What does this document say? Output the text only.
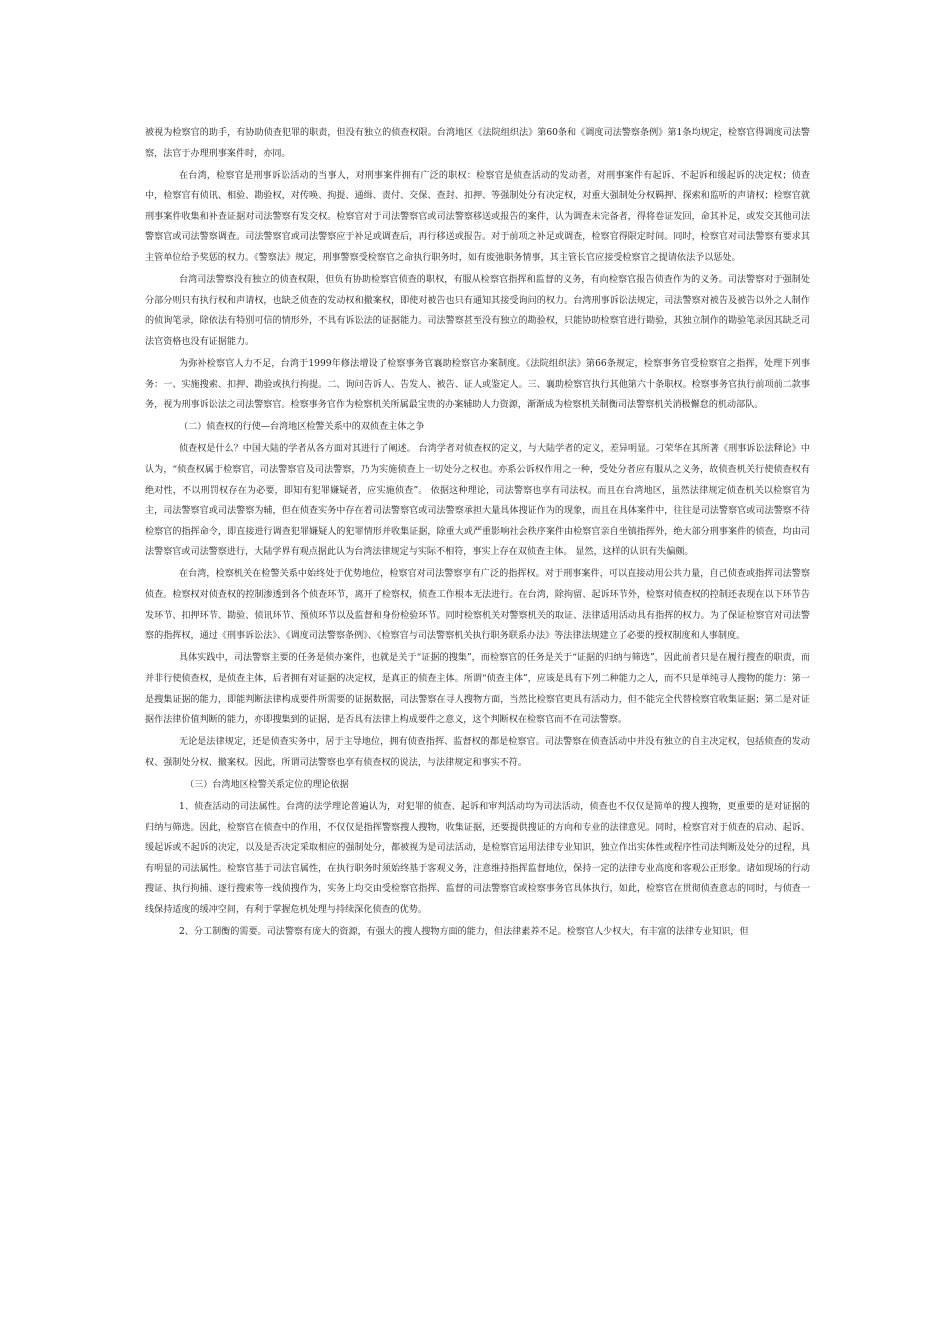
被视为检察官的助手，有协助侦查犯罪的职责，但没有独立的侦查权限。台湾地区《法院组织法》第60条和《调度司法警察条例》第1条均规定，检察官得调度司法警察，法官于办理刑事案件时，亦同。

在台湾，检察官是刑事诉讼活动的当事人，对刑事案件拥有广泛的职权：检察官是侦查活动的发动者，对刑事案件有起诉、不起诉和缓起诉的决定权；侦查中，检察官有侦讯、相验、勘验权，对传唤、拘提、通缉、责付、交保、查封、扣押、等强制处分有决定权，对重大强制处分权羁押、探索和监听的声请权；检察官就刑事案件收集和补查证据对司法警察有发交权。检察官对于司法警察官或司法警察移送或报告的案件，认为调查未完备者，得将卷证发回，命其补足，或发交其他司法警察官或司法警察调查。司法警察官或司法警察应于补足或调查后，再行移送或报告。对于前项之补足或调查，检察官得限定时间。同时，检察官对司法警察有要求其主管单位给予奖惩的权力。《警察法》规定，刑事警察受检察官之命执行职务时，如有废弛职务情事，其主管长官应接受检察官之提请依法予以惩处。

台湾司法警察没有独立的侦查权限，但负有协助检察官侦查的职权，有服从检察官指挥和监督的义务，有向检察官报告侦查作为的义务。司法警察对于强制处分部分则只有执行权和声请权，也缺乏侦查的发动权和撤案权，即使对被告也只有通知其接受询问的权力。台湾刑事诉讼法规定，司法警察对被告及被告以外之人制作的侦询笔录，除依法有特别可信的情形外，不具有诉讼法的证据能力。司法警察甚至没有独立的勘验权，只能协助检察官进行勘验，其独立制作的勘验笔录因其缺乏司法官资格也没有证据能力。

为弥补检察官人力不足，台湾于1999年修法增设了检察事务官襄助检察官办案制度。《法院组织法》第66条规定，检察事务官受检察官之指挥，处理下列事务：一、实施搜索、扣押、勘验或执行拘提。二、询问告诉人、告发人、被告、证人或鉴定人。三、襄助检察官执行其他第六十条职权。检察事务官执行前项前二款事务，视为刑事诉讼法之司法警察官。检察事务官作为检察机关所属最宝贵的办案辅助人力资源，渐渐成为检察机关制衡司法警察机关消极懈怠的机动部队。

（二）侦查权的行使—台湾地区检警关系中的双侦查主体之争

侦查权是什么？中国大陆的学者从各方面对其进行了阐述。 台湾学者对侦查权的定义，与大陆学者的定义，差异明显。刁荣华在其所著《刑事诉讼法释论》中认为，“侦查权属于检察官，司法警察官及司法警察，乃为实施侦查上一切处分之权也。亦系公诉权作用之一种，受处分者应有服从之义务，故侦查机关行使侦查权有绝对性，不以刑罚权存在为必要，即知有犯罪嫌疑者，应实施侦查”。 依据这种理论，司法警察也享有司法权。而且在台湾地区，虽然法律规定侦查机关以检察官为主，司法警察官或司法警察为辅，但在侦查实务中存在着司法警察官或司法警察承担大量具体搜证作为的现象，而且在具体案件中，往往是司法警察官或司法警察不待检察官的指挥命令，即直接进行调查犯罪嫌疑人的犯罪情形并收集证据，除重大或严重影响社会秩序案件由检察官亲自坐镇指挥外，绝大部分刑事案件的侦查，均由司法警察官或司法警察进行，大陆学界有观点据此认为台湾法律规定与实际不相符，事实上存在双侦查主体。 显然，这样的认识有失偏颇。

在台湾，检察机关在检警关系中始终处于优势地位，检察官对司法警察享有广泛的指挥权。对于刑事案件，可以直接动用公共力量，自己侦查或指挥司法警察侦查。检察权对侦查权的控制渗透到各个侦查环节，离开了检察权，侦查工作根本无法进行。在台湾，除拘留、起诉环节外，检察对侦查权的控制还表现在以下环节告发环节、扣押环节、勘验、侦讯环节、预侦环节以及监督和身份检验环节。同时检察机关对警察机关的取证、法律适用活动具有指挥的权力。为了保证检察官对司法警察的指挥权，通过《刑事诉讼法》、《调度司法警察条例》、《检察官与司法警察机关执行职务联系办法》等法律法规建立了必要的授权制度和人事制度。

具体实践中，司法警察主要的任务是侦办案件，也就是关于“证据的搜集”，而检察官的任务是关于“证据的归纳与筛选”，因此前者只是在履行搜查的职责，而并非行使侦查权，是侦查主体，后者拥有对证据的决定权，是真正的侦查主体。所谓“侦查主体”，应该是具有下列二种能力之人，而不只是单纯寻人搜物的能力：第一是搜集证据的能力，即能判断法律构成要件所需要的证据数据，司法警察在寻人搜物方面，当然比检察官更具有活动力，但不能完全代替检察官收集证据；第二是对证据作法律价值判断的能力，亦即搜集到的证据，是否具有法律上构成要件之意义，这个判断权在检察官而不在司法警察。

无论是法律规定，还是侦查实务中，居于主导地位，拥有侦查指挥、监督权的都是检察官。司法警察在侦查活动中并没有独立的自主决定权，包括侦查的发动权、强制处分权、撤案权。因此，所谓司法警察也享有侦查权的说法，与法律规定和事实不符。

（三）台湾地区检警关系定位的理论依据

1、侦查活动的司法属性。台湾的法学理论普遍认为，对犯罪的侦查、起诉和审判活动均为司法活动，侦查也不仅仅是简单的搜人搜物，更重要的是对证据的归纳与筛选。因此，检察官在侦查中的作用，不仅仅是指挥警察搜人搜物，收集证据，还要提供搜证的方向和专业的法律意见。同时，检察官对于侦查的启动、起诉、缓起诉或不起诉的决定，以及是否决定采取相应的强制处分，都被视为是司法活动，是检察官运用法律专业知识，独立作出实体性或程序性司法判断及处分的过程，具有明显的司法属性。检察官基于司法官属性，在执行职务时须始终基于客观义务，注意维持指挥监督地位，保持一定的法律专业高度和客观公正形象。诸如现场的行动搜证、执行拘捕、逐行搜索等一线侦搜作为，实务上均交由受检察官指挥、监督的司法警察官或检察事务官具体执行，如此，检察官在贯彻侦查意志的同时，与侦查一线保持适度的缓冲空间，有利于掌握危机处理与持续深化侦查的优势。

2、分工制衡的需要。司法警察有庞大的资源，有强大的搜人搜物方面的能力，但法律素养不足。检察官人少权大，有丰富的法律专业知识，但
